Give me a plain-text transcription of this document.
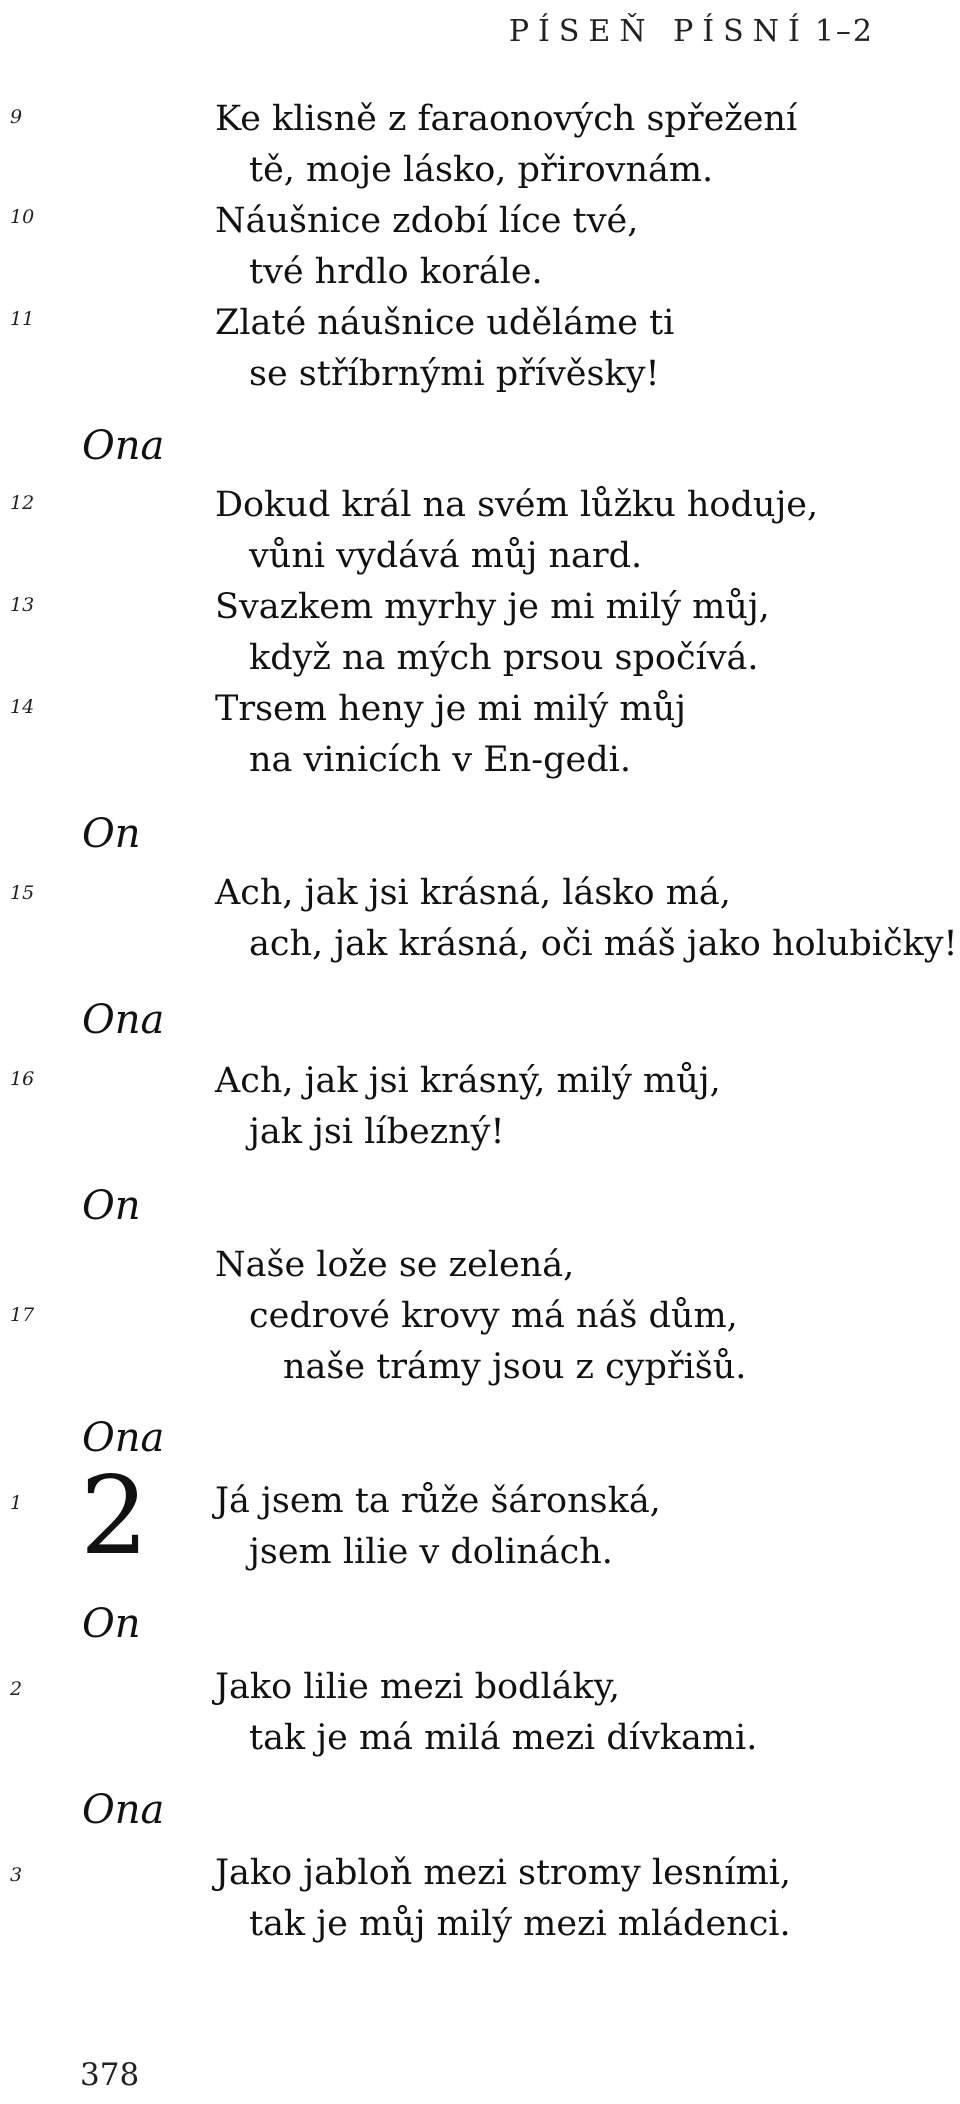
PÍSEŇ PÍSNÍ 1–2
9
10
11
12
13
14
15
16
17
1
2
3
Ona
On
Ona
On
Ona
On
Ona
2
Ke klisně z faraonových spřežení
tě, moje lásko, přirovnám.
Náušnice zdobí líce tvé,
tvé hrdlo korále.
Zlaté náušnice uděláme ti
se stříbrnými přívěsky!
Dokud král na svém lůžku hoduje,
vůni vydává můj nard.
Svazkem myrhy je mi milý můj,
když na mých prsou spočívá.
Trsem heny je mi milý můj
na vinicích v En-gedi.
Ach, jak jsi krásná, lásko má,
ach, jak krásná, oči máš jako holubičky!
Ach, jak jsi krásný, milý můj,
jak jsi líbezný!
Naše lože se zelená,
cedrové krovy má náš dům,
naše trámy jsou z cypřišů.
Já jsem ta růže šáronská,
jsem lilie v dolinách.
Jako lilie mezi bodláky,
tak je má milá mezi dívkami.
Jako jabloň mezi stromy lesními,
tak je můj milý mezi mládenci.
378
